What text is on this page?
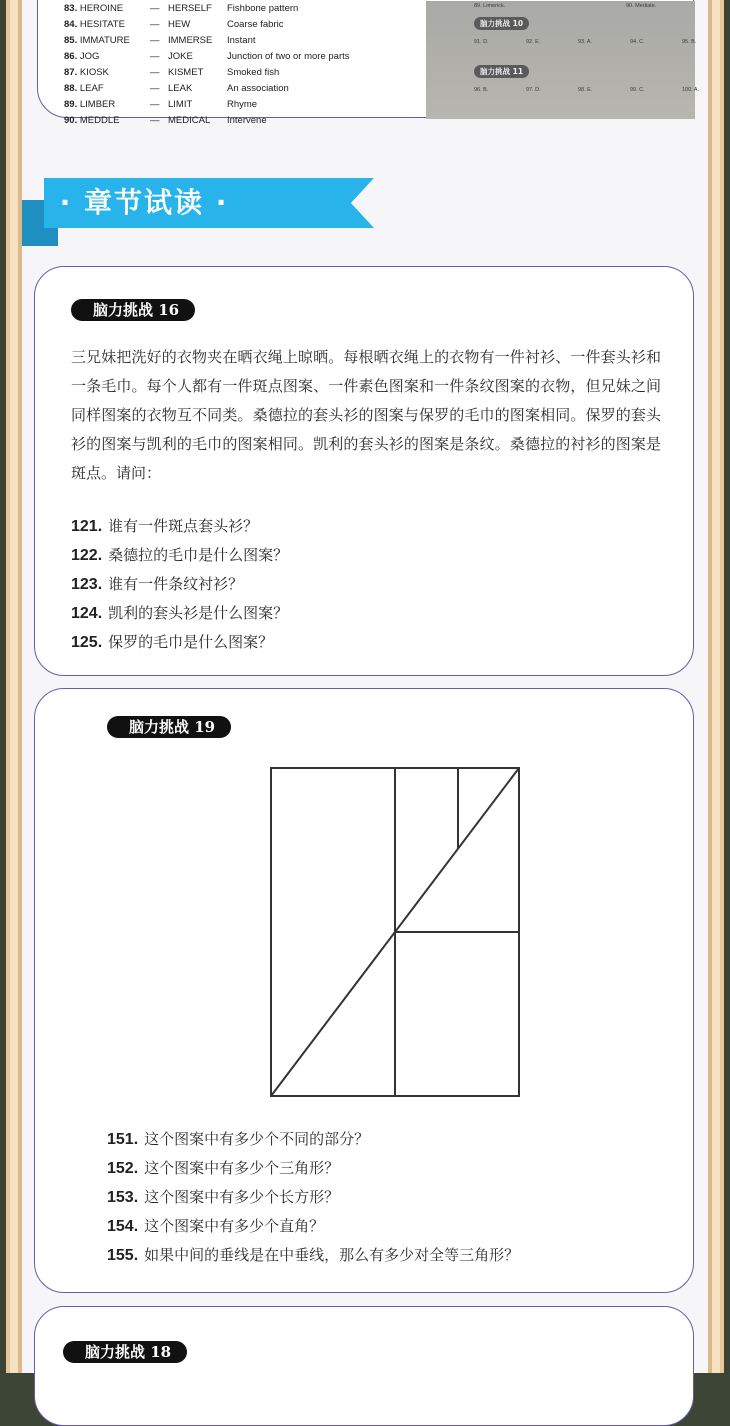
83. HEROINE	— HERSELF Fishbone pattern
84. HESITATE	— HEW	Coarse fabric
85. IMMATURE — IMMERSE Instant
86. JOG	— JOKE	Junction of two or more parts
87. KIOSK	— KISMET Smoked fish
88. LEAF	— LEAK	An association
89. LIMBER	— LIMIT	Rhyme
90. MEDDLE	— MEDICAL Intervene
89. Limerick.	90. Mediate.
脑力挑战 10
91. D.	92. E.	93. A.	94. C.	95. B.
脑力挑战 11
96. B.	97. D.	98. E.	99. C.	100. A.
· 章节试读 ·
脑力挑战 16
三兄妹把洗好的衣物夹在晒衣绳上晾晒。每根晒衣绳上的衣物有一件衬衫、一件套头衫和一条毛巾。每个人都有一件斑点图案、一件素色图案和一件条纹图案的衣物，但兄妹之间同样图案的衣物互不同类。桑德拉的套头衫的图案与保罗的毛巾的图案相同。保罗的套头衫的图案与凯利的毛巾的图案相同。凯利的套头衫的图案是条纹。桑德拉的衬衫的图案是斑点。请问：
121. 谁有一件斑点套头衫？
122. 桑德拉的毛巾是什么图案？
123. 谁有一件条纹衬衫？
124. 凯利的套头衫是什么图案？
125. 保罗的毛巾是什么图案？
脑力挑战 19
151. 这个图案中有多少个不同的部分？
152. 这个图案中有多少个三角形？
153. 这个图案中有多少个长方形？
154. 这个图案中有多少个直角？
155. 如果中间的垂线是在中垂线，那么有多少对全等三角形？
脑力挑战 18
